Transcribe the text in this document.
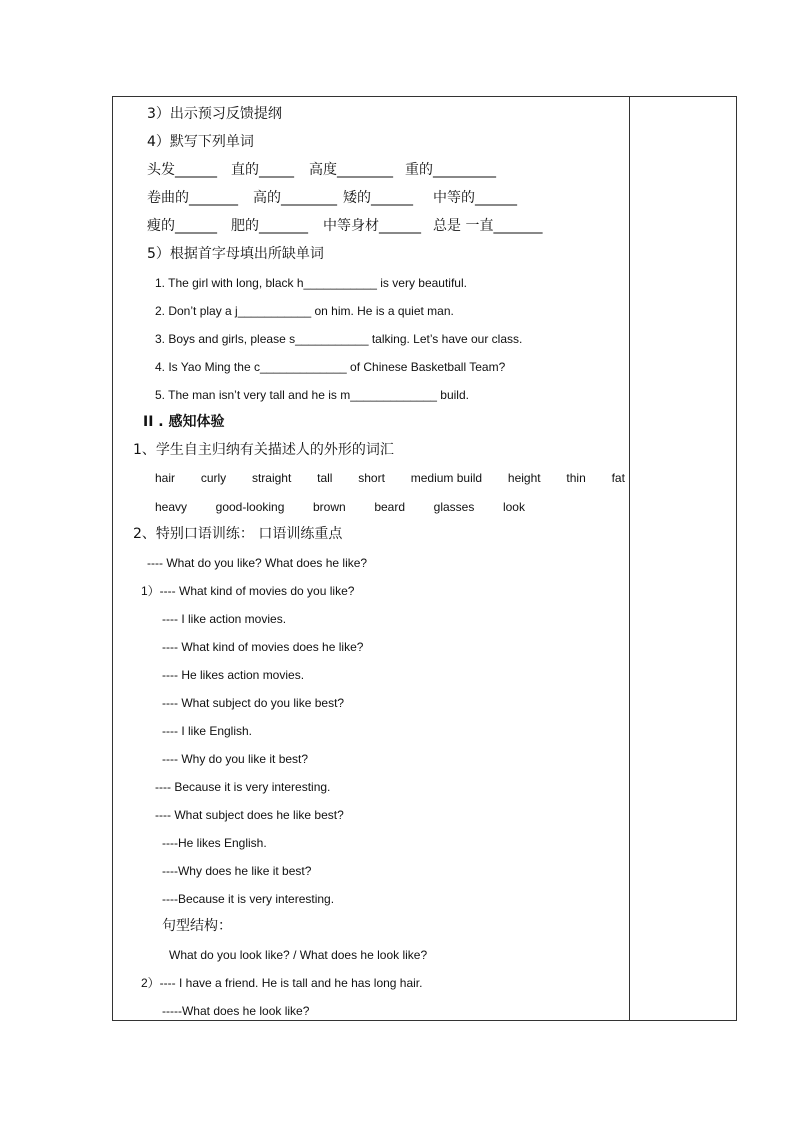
3）出示预习反馈提纲
4）默写下列单词
头发______ 直的_____ 高度________ 重的_________
卷曲的_______ 高的________ 矮的______ 中等的______
瘦的______ 肥的_______ 中等身材______ 总是 一直_______
5）根据首字母填出所缺单词
1. The girl with long, black h___________ is very beautiful.
2. Don’t play a j___________ on him. He is a quiet man.
3. Boys and girls, please s___________ talking. Let’s have our class.
4. Is Yao Ming the c_____________ of Chinese Basketball Team?
5. The man isn’t very tall and he is m_____________ build.
II . 感知体验
1、学生自主归纳有关描述人的外形的词汇
hair curly straight tall short medium build height thin fat
heavy good-looking brown beard glasses look
2、特别口语训练： 口语训练重点
---- What do you like? What does he like?
1）---- What kind of movies do you like?
---- I like action movies.
---- What kind of movies does he like?
---- He likes action movies.
---- What subject do you like best?
---- I like English.
---- Why do you like it best?
---- Because it is very interesting.
---- What subject does he like best?
----He likes English.
----Why does he like it best?
----Because it is very interesting.
句型结构：
What do you look like? / What does he look like?
2）---- I have a friend. He is tall and he has long hair.
-----What does he look like?
